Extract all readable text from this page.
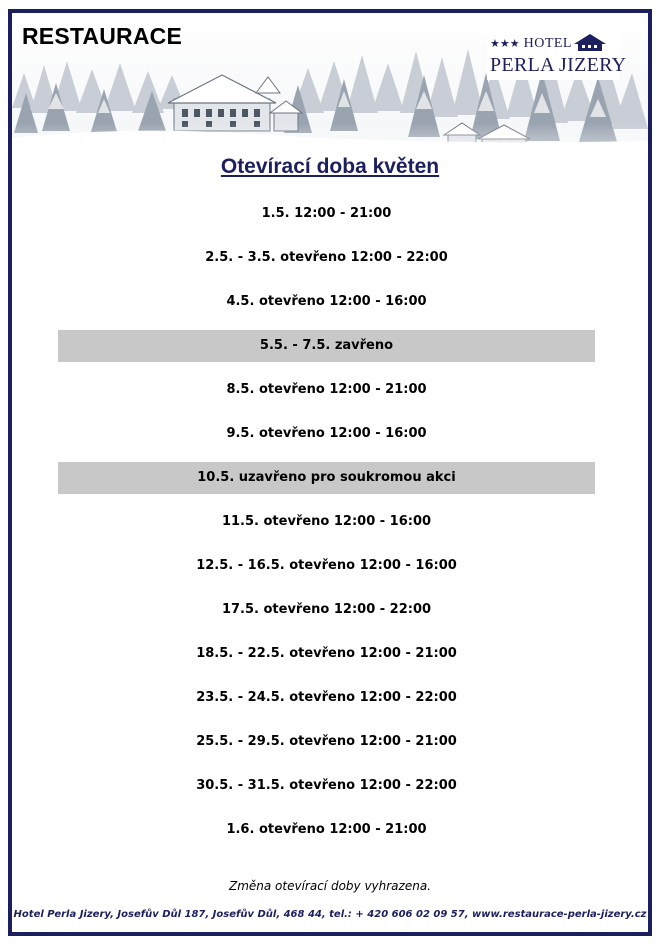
RESTAURACE	★★★ HOTEL
PERLA JIZERY
Otevírací doba květen
1.5. 12:00 - 21:00
2.5. - 3.5. otevřeno 12:00 - 22:00
4.5. otevřeno 12:00 - 16:00
5.5. - 7.5. zavřeno
8.5. otevřeno 12:00 - 21:00
9.5. otevřeno 12:00 - 16:00
10.5. uzavřeno pro soukromou akci
11.5. otevřeno 12:00 - 16:00
12.5. - 16.5. otevřeno 12:00 - 16:00
17.5. otevřeno 12:00 - 22:00
18.5. - 22.5. otevřeno 12:00 - 21:00
23.5. - 24.5. otevřeno 12:00 - 22:00
25.5. - 29.5. otevřeno 12:00 - 21:00
30.5. - 31.5. otevřeno 12:00 - 22:00
1.6. otevřeno 12:00 - 21:00
Změna otevírací doby vyhrazena.
Hotel Perla Jizery, Josefův Důl 187, Josefův Důl, 468 44, tel.: + 420 606 02 09 57, www.restaurace-perla-jizery.cz
